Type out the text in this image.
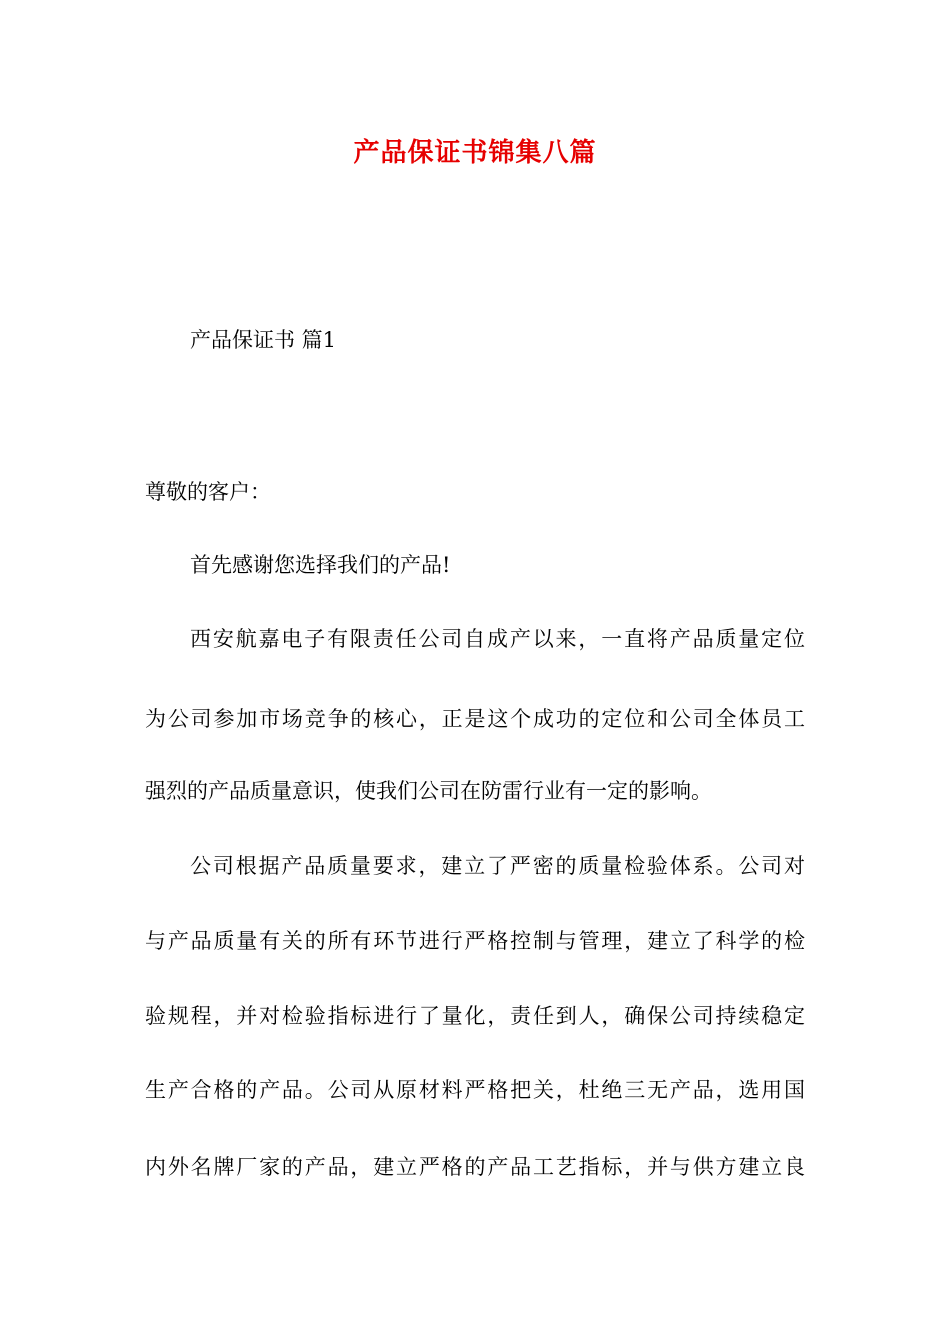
产品保证书锦集八篇
产品保证书 篇1
尊敬的客户：
首先感谢您选择我们的产品!
西安航嘉电子有限责任公司自成产以来，一直将产品质量定位
为公司参加市场竞争的核心，正是这个成功的定位和公司全体员工
强烈的产品质量意识，使我们公司在防雷行业有一定的影响。
公司根据产品质量要求，建立了严密的质量检验体系。公司对
与产品质量有关的所有环节进行严格控制与管理，建立了科学的检
验规程，并对检验指标进行了量化，责任到人，确保公司持续稳定
生产合格的产品。公司从原材料严格把关，杜绝三无产品，选用国
内外名牌厂家的产品，建立严格的产品工艺指标，并与供方建立良
